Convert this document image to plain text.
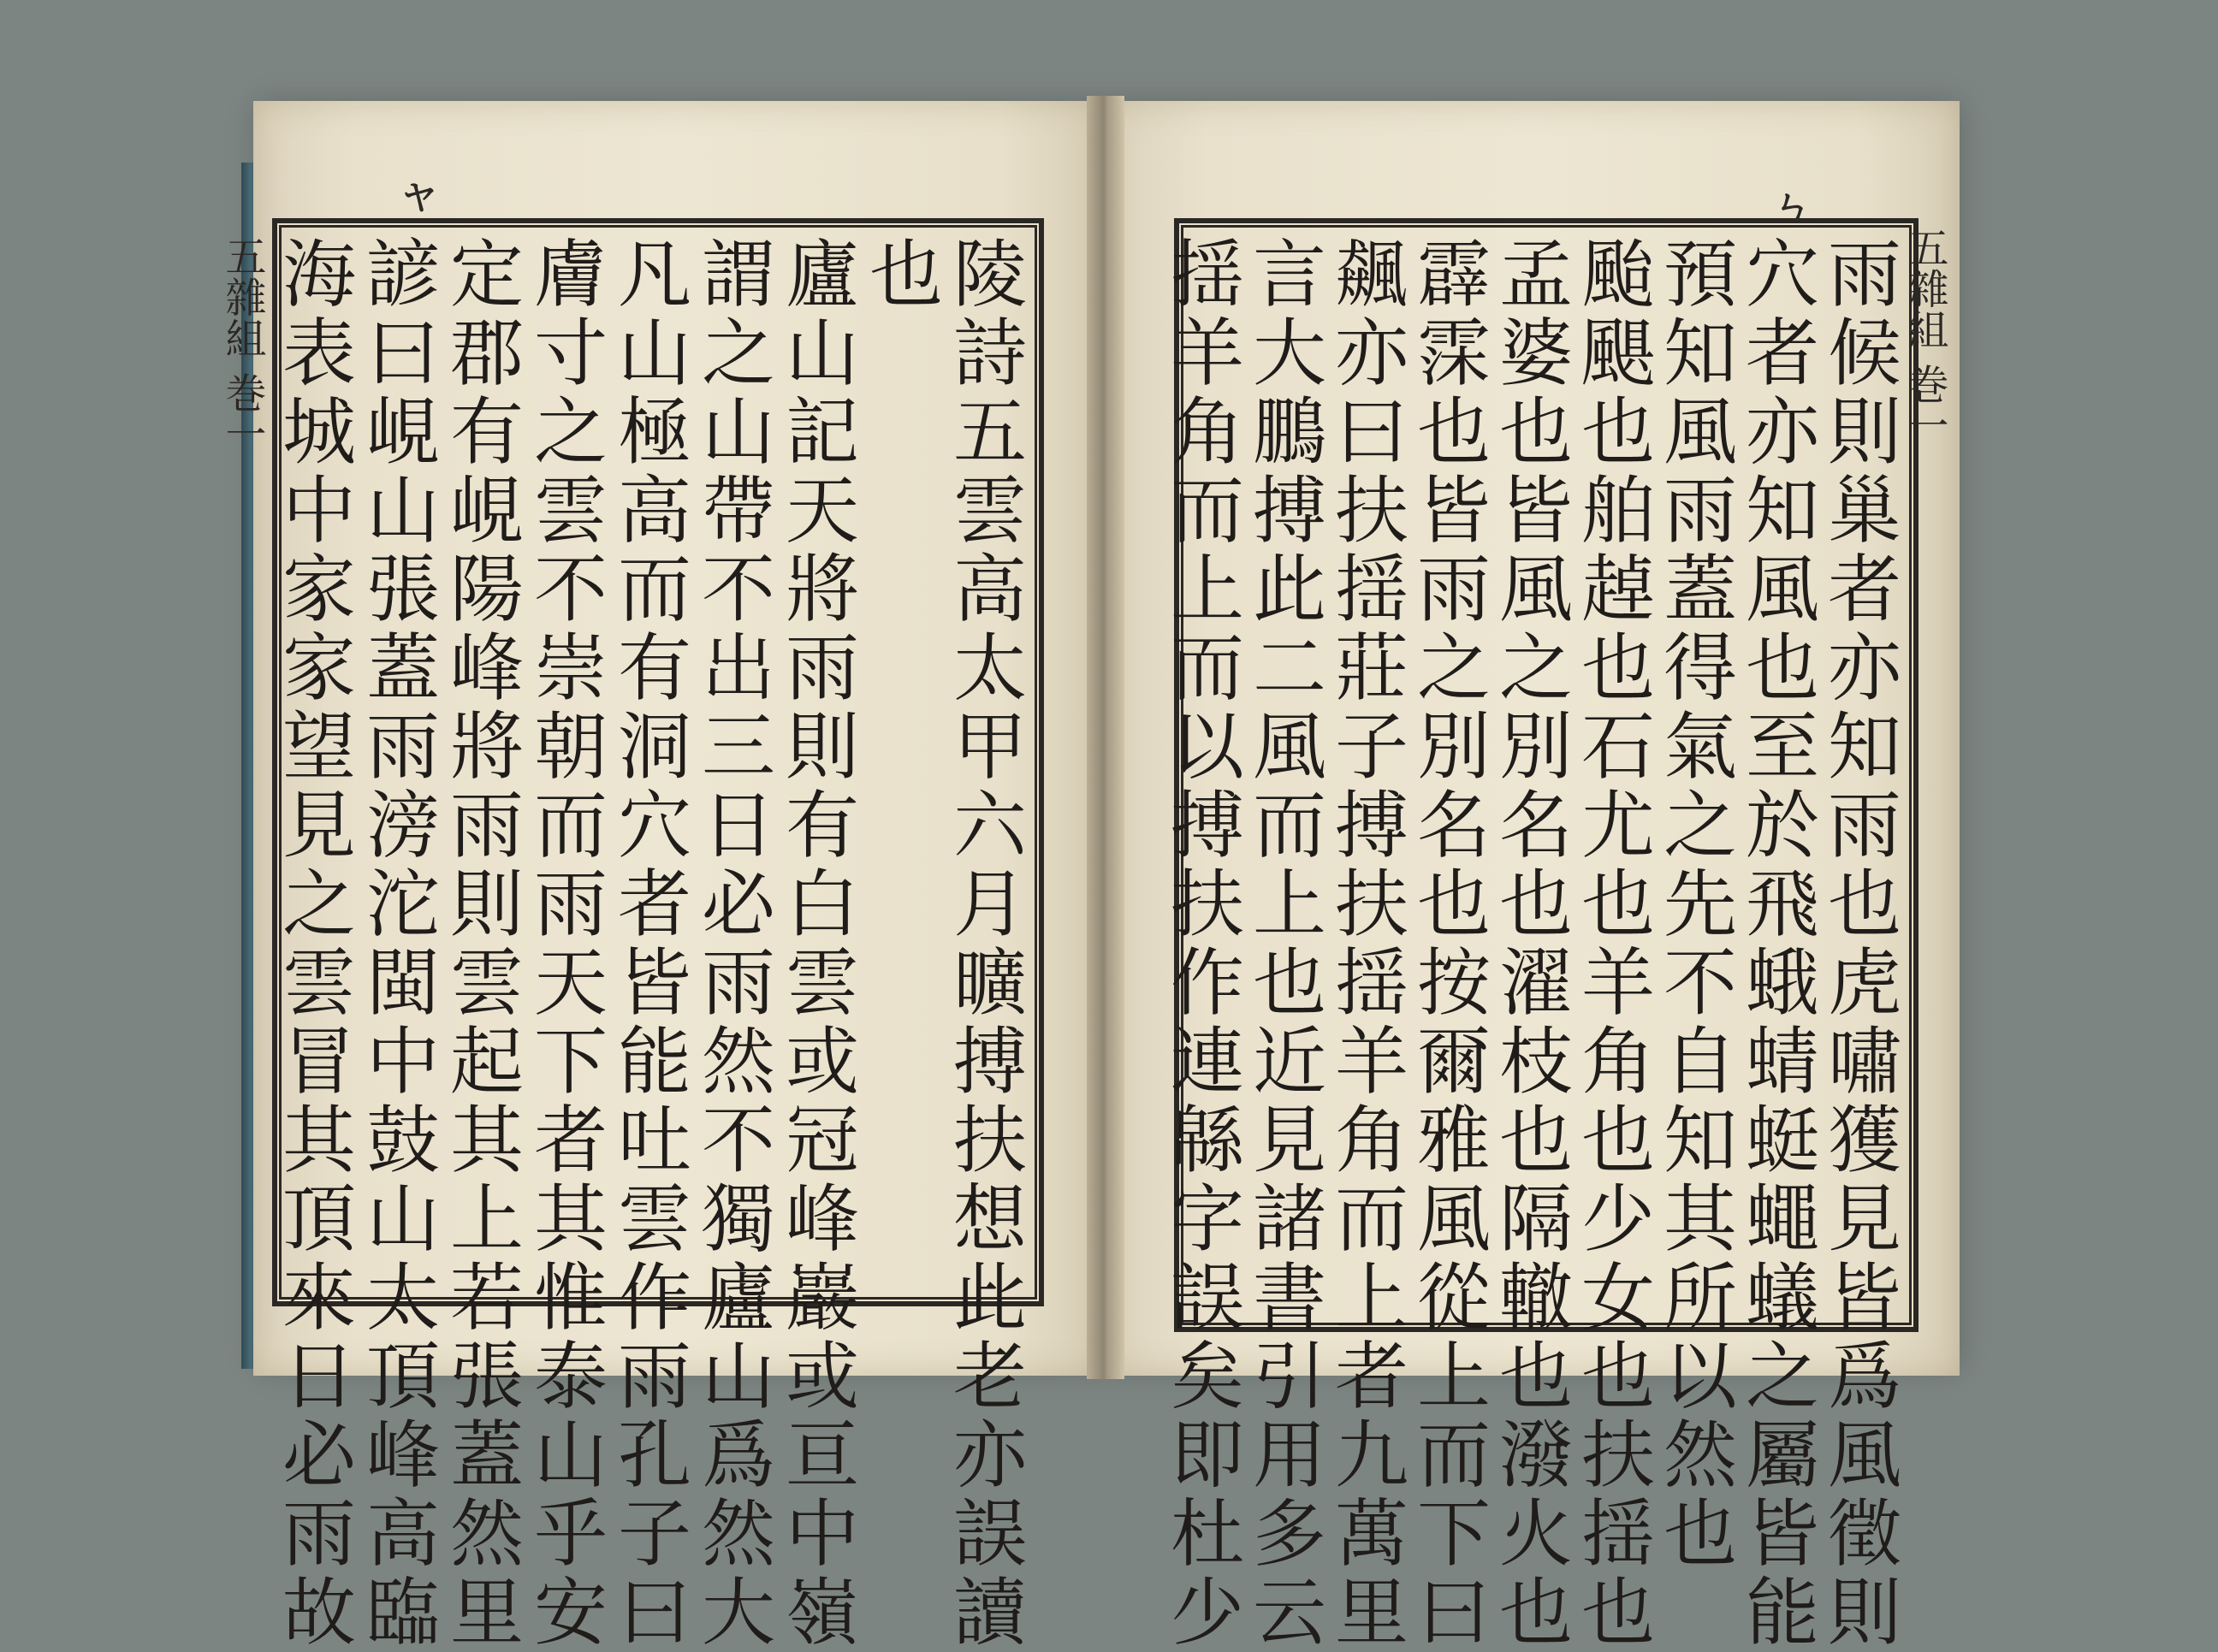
陵詩五雲高太甲六月曠搏扶想此老亦誤讀
也
廬山記天將雨則有白雲或冠峰巖或亘中嶺
謂之山帶不出三日必雨然不獨廬山爲然大
凡山極高而有洞穴者皆能吐雲作雨孔子曰
膚寸之雲不崇朝而雨天下者其惟泰山乎安
定郡有峴陽峰將雨則雲起其上若張蓋然里
諺曰峴山張蓋雨滂沱閩中鼓山太頂峰高臨
海表城中家家望見之雲冒其頂來日必雨故
五雜組 巻一
ヤ
雨候則巢者亦知雨也虎嘯獲見皆爲風徵則
穴者亦知風也至於飛蛾蜻蜓蠅蟻之屬皆能
預知風雨蓋得氣之先不自知其所以然也
颱颶也舶趠也石尤也羊角也少女也扶揺也
孟婆也皆風之別名也濯枝也隔轍也潑火也
霹霂也皆雨之別名也按爾雅風從上而下曰
飆亦曰扶揺莊子搏扶揺羊角而上者九萬里
言大鵬搏此二風而上也近見諸書引用多云
揺羊角而上而以搏扶作連緜字誤矣即杜少	五雜組 巻一
ㄣ
